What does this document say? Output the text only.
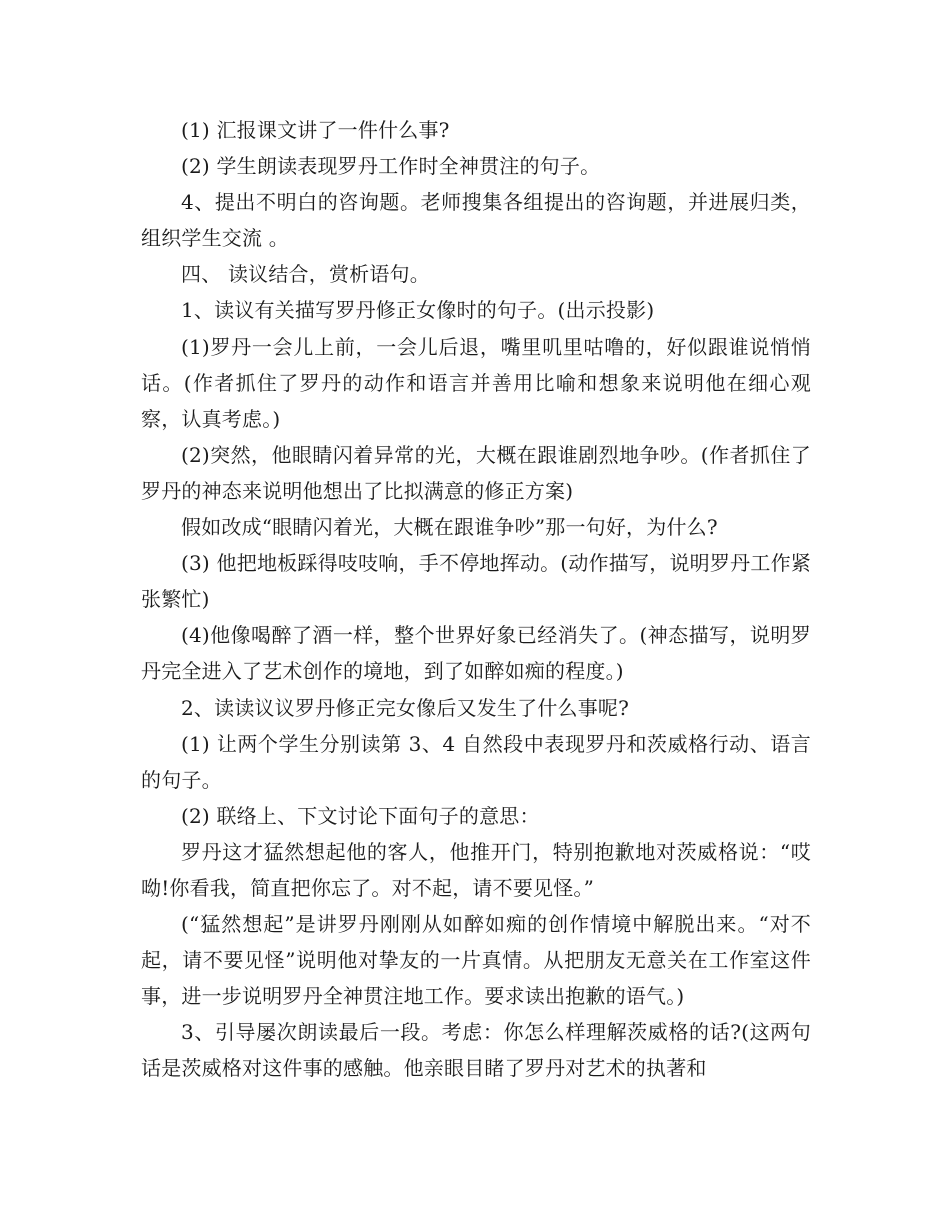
(1) 汇报课文讲了一件什么事?

(2) 学生朗读表现罗丹工作时全神贯注的句子。

4、提出不明白的咨询题。老师搜集各组提出的咨询题，并进展归类，组织学生交流 。

四、 读议结合，赏析语句。

1、读议有关描写罗丹修正女像时的句子。(出示投影)

(1)罗丹一会儿上前，一会儿后退，嘴里叽里咕噜的，好似跟谁说悄悄话。(作者抓住了罗丹的动作和语言并善用比喻和想象来说明他在细心观察，认真考虑。)

(2)突然，他眼睛闪着异常的光，大概在跟谁剧烈地争吵。(作者抓住了罗丹的神态来说明他想出了比拟满意的修正方案)

假如改成“眼睛闪着光，大概在跟谁争吵”那一句好，为什么?

(3) 他把地板踩得吱吱响，手不停地挥动。(动作描写，说明罗丹工作紧张繁忙)

(4)他像喝醉了酒一样，整个世界好象已经消失了。(神态描写，说明罗丹完全进入了艺术创作的境地，到了如醉如痴的程度。)

2、读读议议罗丹修正完女像后又发生了什么事呢?

(1) 让两个学生分别读第 3、4 自然段中表现罗丹和茨威格行动、语言的句子。

(2) 联络上、下文讨论下面句子的意思：

罗丹这才猛然想起他的客人，他推开门，特别抱歉地对茨威格说：“哎呦!你看我，简直把你忘了。对不起，请不要见怪。”

(“猛然想起”是讲罗丹刚刚从如醉如痴的创作情境中解脱出来。“对不起，请不要见怪”说明他对挚友的一片真情。从把朋友无意关在工作室这件事，进一步说明罗丹全神贯注地工作。要求读出抱歉的语气。)

3、引导屡次朗读最后一段。考虑：你怎么样理解茨威格的话?(这两句话是茨威格对这件事的感触。他亲眼目睹了罗丹对艺术的执著和
